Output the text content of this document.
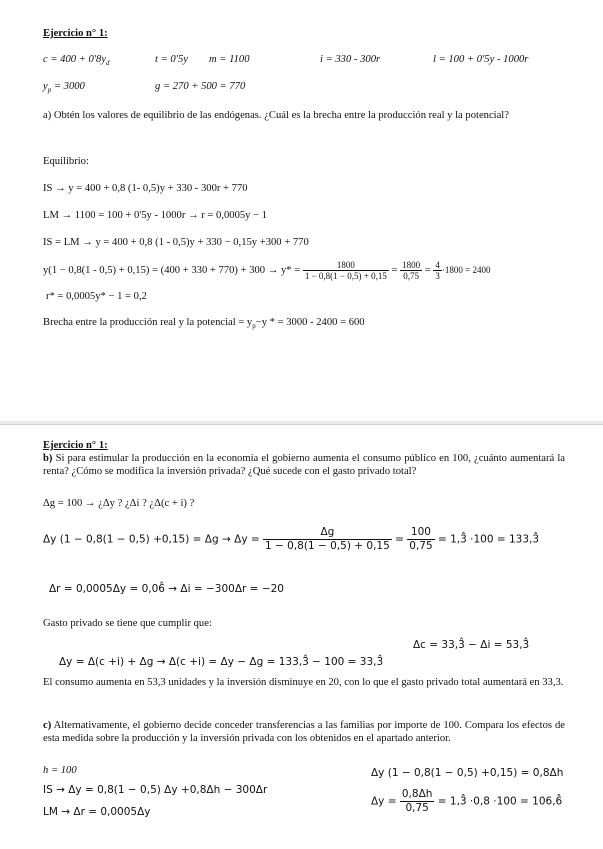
Ejercicio n° 1:
$c = 400 + 0'8y_d$	t = 0'5y m = 1100	i = 330 - 300r	l = 100 + 0'5y - 1000r
$y_p = 3000$	g = 270 + 500 = 770
a) Obtén los valores de equilibrio de las endógenas. ¿Cuál es la brecha entre la producción real y la potencial?
Equilibrio:
IS → y = 400 + 0,8 (1- 0,5)y + 330 - 300r + 770
LM → 1100 = 100 + 0'5y - 1000r → r = 0,0005y − 1
IS = LM → y = 400 + 0,8 (1 - 0,5)y + 330 − 0,15y +300 + 770
$y(1 - 0,8(1 - 0,5) + 0,15) = (400 + 330 + 770) + 300 \to y* = \frac{1800}{1 - 0,8(1 - 0,5) + 0,15} = \frac{1800}{0,75} = \frac{4}{3} \cdot 1800 = 2400$
r* = 0,0005y* − 1 = 0,2
Brecha entre la producción real y la potencial = $y_p-y$ * = 3000 - 2400 = 600
Ejercicio n° 1:
b) Si para estimular la producción en la economía el gobierno aumenta el consumo público en 100, ¿cuánto aumentará la renta? ¿Cómo se modifica la inversión privada? ¿Qué sucede con el gasto privado total?
Δg = 100 → ¿Δy ? ¿Δi ? ¿Δ(c + i) ?
Δy $(1 - 0,8(1 - 0,5) +0,15) = \Delta g \to \Delta y = \frac{\Delta g}{1 - 0,8(1 - 0,5) + 0,15} = \frac{100}{0,75}$ = 1,3̂ ·100 = 133,3̂
Δr = 0,0005Δy = 0,06̂ → Δi = −300Δr = −20
Gasto privado se tiene que cumplir que:
Δc = 33,3̂ − Δi = 53,3̂
Δy = Δ(c +i) + Δg → Δ(c +i) = Δy − Δg = 133,3̂ − 100 = 33,3̂
El consumo aumenta en 53,3 unidades y la inversión disminuye en 20, con lo que el gasto privado total aumentará en 33,3.
c) Alternativamente, el gobierno decide conceder transferencias a las familias por importe de 100. Compara los efectos de esta medida sobre la producción y la inversión privada con los obtenidos en el apartado anterior.
h = 100
IS → Δy = 0,8(1 − 0,5) Δy +0,8Δh − 300Δr
LM → Δr = 0,0005Δy
Δy (1 − 0,8(1 − 0,5) +0,15) = 0,8Δh
$\Delta y = \frac{0,8\Delta h}{0,75}$ = 1,3̂ ·0,8 ·100 = 106,6̂
